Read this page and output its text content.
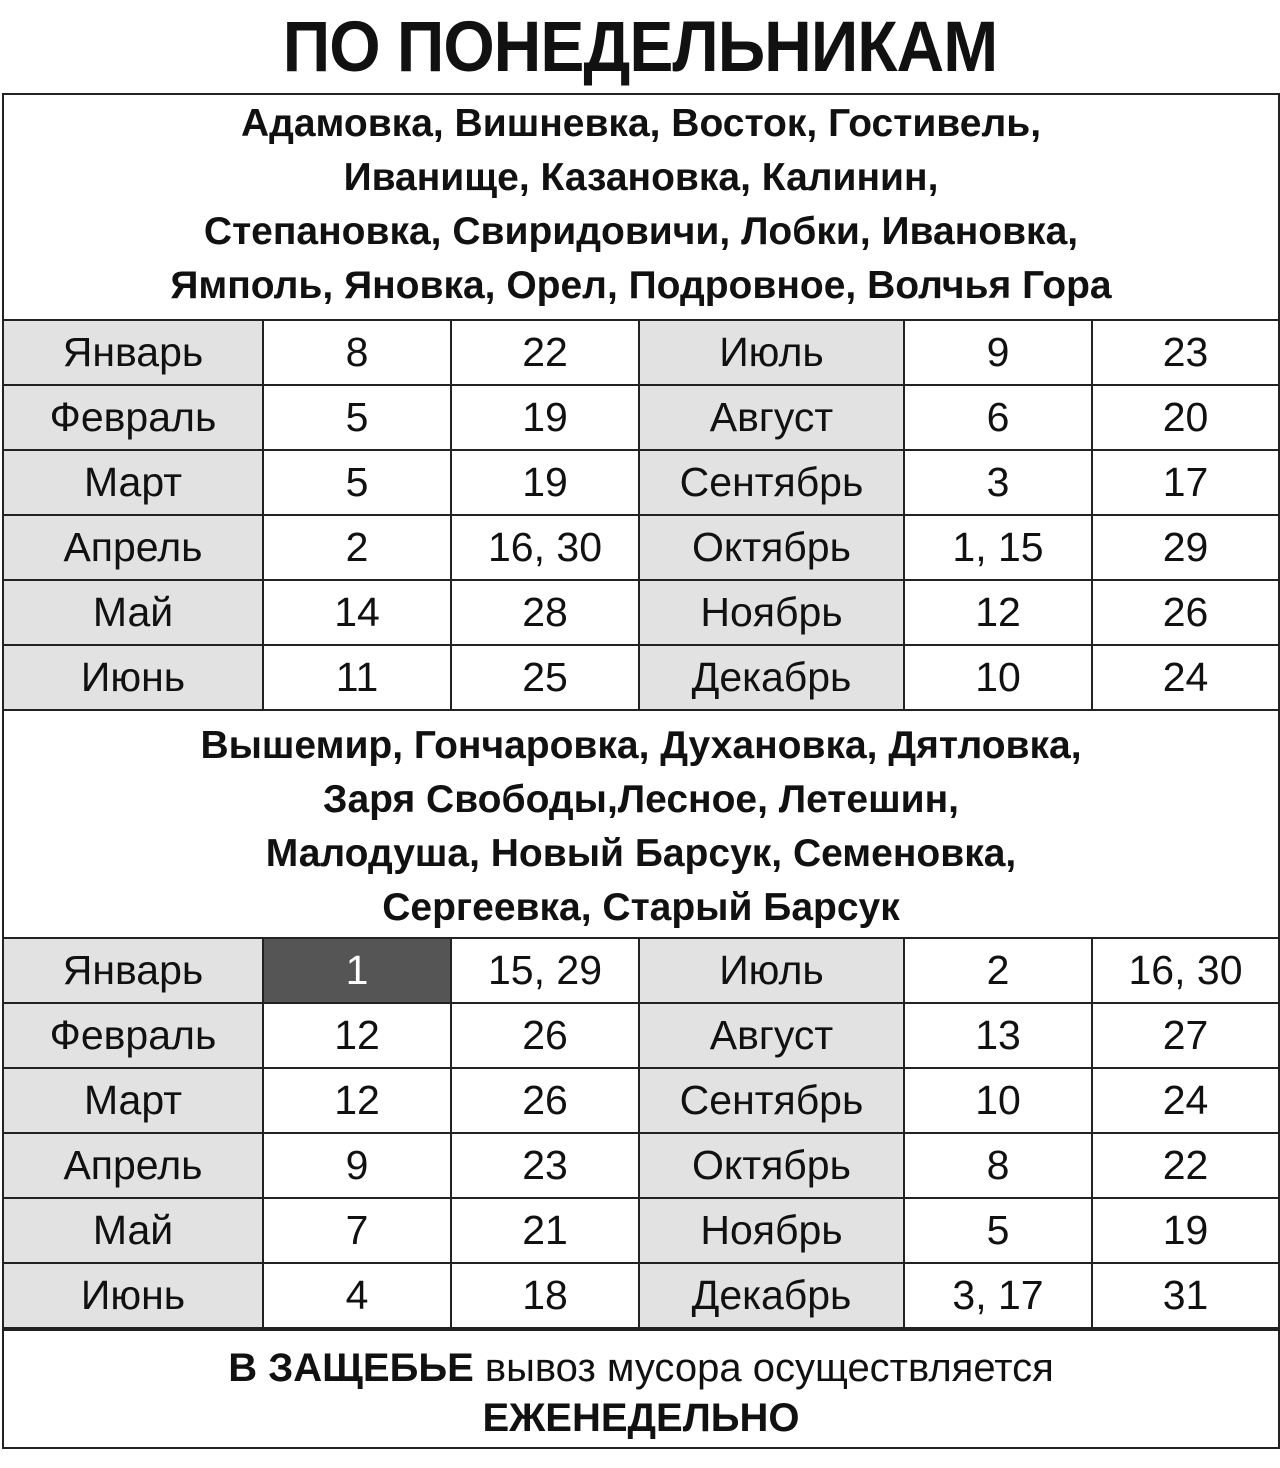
ПО ПОНЕДЕЛЬНИКАМ
Адамовка, Вишневка, Восток, Гостивель,
Иванище, Казановка, Калинин,
Степановка, Свиридовичи, Лобки, Ивановка,
Ямполь, Яновка, Орел, Подровное, Волчья Гора
Январь	8	22	Июль	9	23
Февраль	5	19	Август	6	20
Март	5	19	Сентябрь	3	17
Апрель	2	16, 30	Октябрь	1, 15	29
Май	14	28	Ноябрь	12	26
Июнь	11	25	Декабрь	10	24
Вышемир, Гончаровка, Духановка, Дятловка,
Заря Свободы,Лесное, Летешин,
Малодуша, Новый Барсук, Семеновка,
Сергеевка, Старый Барсук
Январь	1	15, 29	Июль	2	16, 30
Февраль	12	26	Август	13	27
Март	12	26	Сентябрь	10	24
Апрель	9	23	Октябрь	8	22
Май	7	21	Ноябрь	5	19
Июнь	4	18	Декабрь	3, 17	31
В ЗАЩЕБЬЕ вывоз мусора осуществляется
ЕЖЕНЕДЕЛЬНО
